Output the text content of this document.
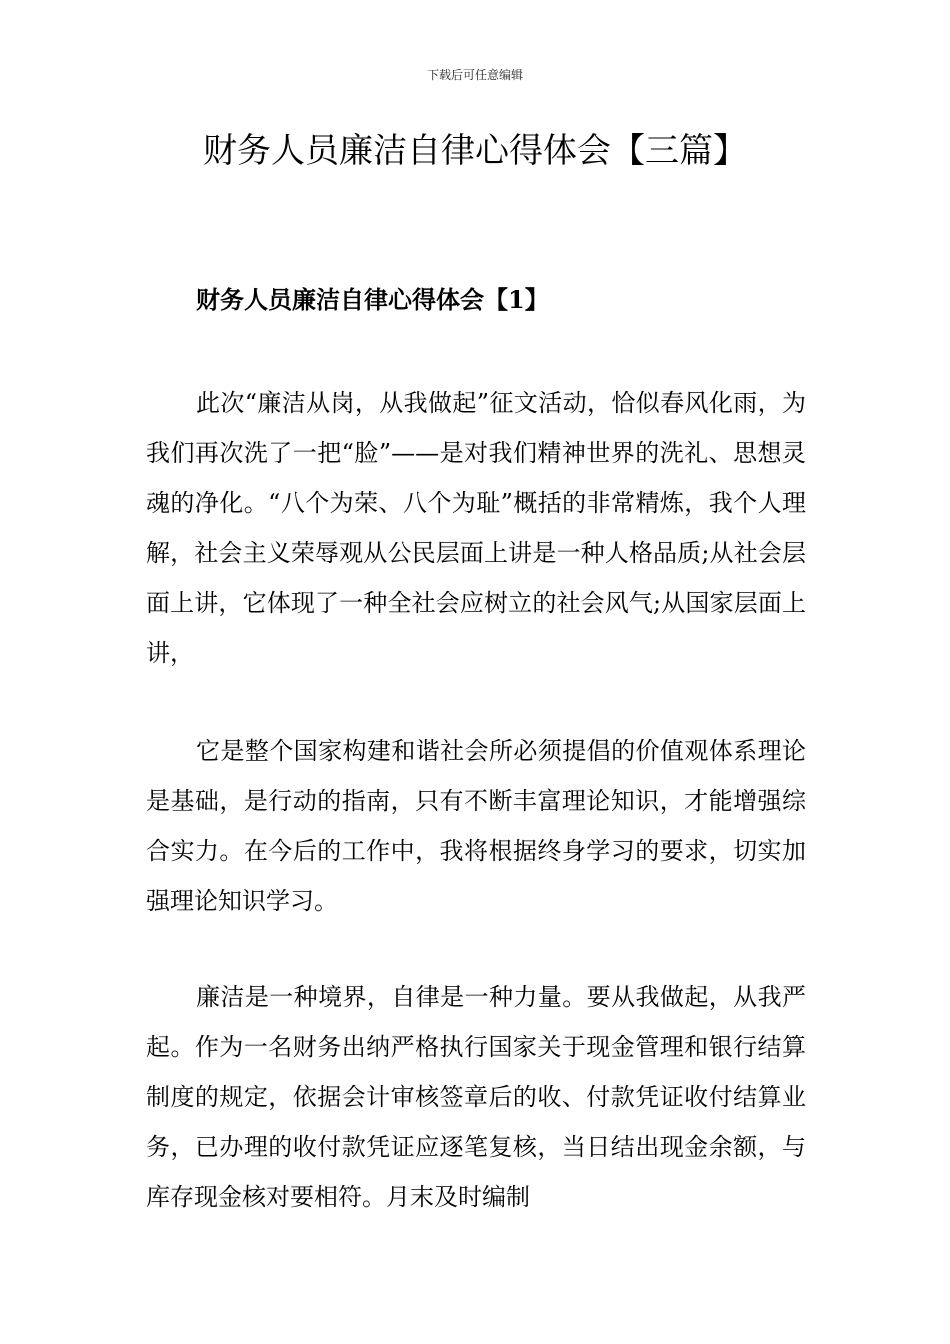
下载后可任意编辑
财务人员廉洁自律心得体会【三篇】
财务人员廉洁自律心得体会【1】

此次“廉洁从岗，从我做起”征文活动，恰似春风化雨，为我们再次洗了一把“脸”——是对我们精神世界的洗礼、思想灵魂的净化。“八个为荣、八个为耻”概括的非常精炼，我个人理解，社会主义荣辱观从公民层面上讲是一种人格品质;从社会层面上讲，它体现了一种全社会应树立的社会风气;从国家层面上讲，

它是整个国家构建和谐社会所必须提倡的价值观体系理论是基础，是行动的指南，只有不断丰富理论知识，才能增强综合实力。在今后的工作中，我将根据终身学习的要求，切实加强理论知识学习。

廉洁是一种境界，自律是一种力量。要从我做起，从我严起。作为一名财务出纳严格执行国家关于现金管理和银行结算制度的规定，依据会计审核签章后的收、付款凭证收付结算业务，已办理的收付款凭证应逐笔复核，当日结出现金余额，与库存现金核对要相符。月末及时编制
